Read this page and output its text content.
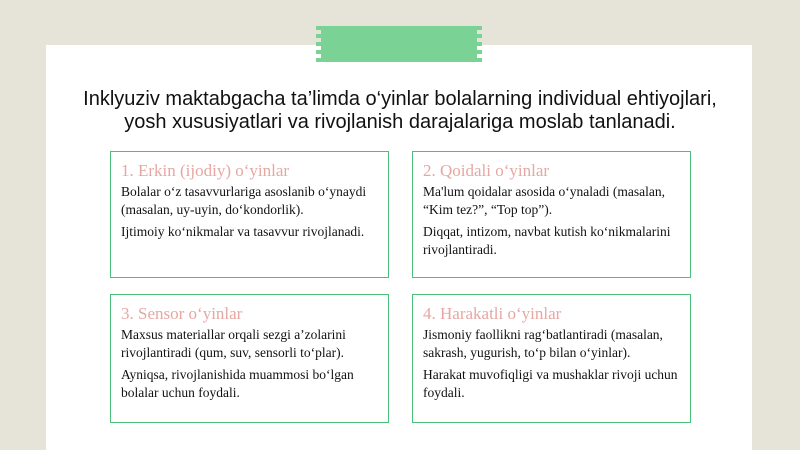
Inklyuziv maktabgacha ta’limda o‘yinlar bolalarning individual ehtiyojlari,
yosh xususiyatlari va rivojlanish darajalariga moslab tanlanadi.
1. Erkin (ijodiy) o‘yinlar

Bolalar o‘z tasavvurlariga asoslanib o‘ynaydi (masalan, uy-uyin, do‘kondorlik).

Ijtimoiy ko‘nikmalar va tasavvur rivojlanadi.

2. Qoidali o‘yinlar

Ma'lum qoidalar asosida o‘ynaladi (masalan, “Kim tez?”, “Top top”).

Diqqat, intizom, navbat kutish ko‘nikmalarini rivojlantiradi.

3. Sensor o‘yinlar

Maxsus materiallar orqali sezgi a’zolarini rivojlantiradi (qum, suv, sensorli to‘plar).

Ayniqsa, rivojlanishida muammosi bo‘lgan bolalar uchun foydali.

4. Harakatli o‘yinlar

Jismoniy faollikni rag‘batlantiradi (masalan, sakrash, yugurish, to‘p bilan o‘yinlar).

Harakat muvofiqligi va mushaklar rivoji uchun foydali.
